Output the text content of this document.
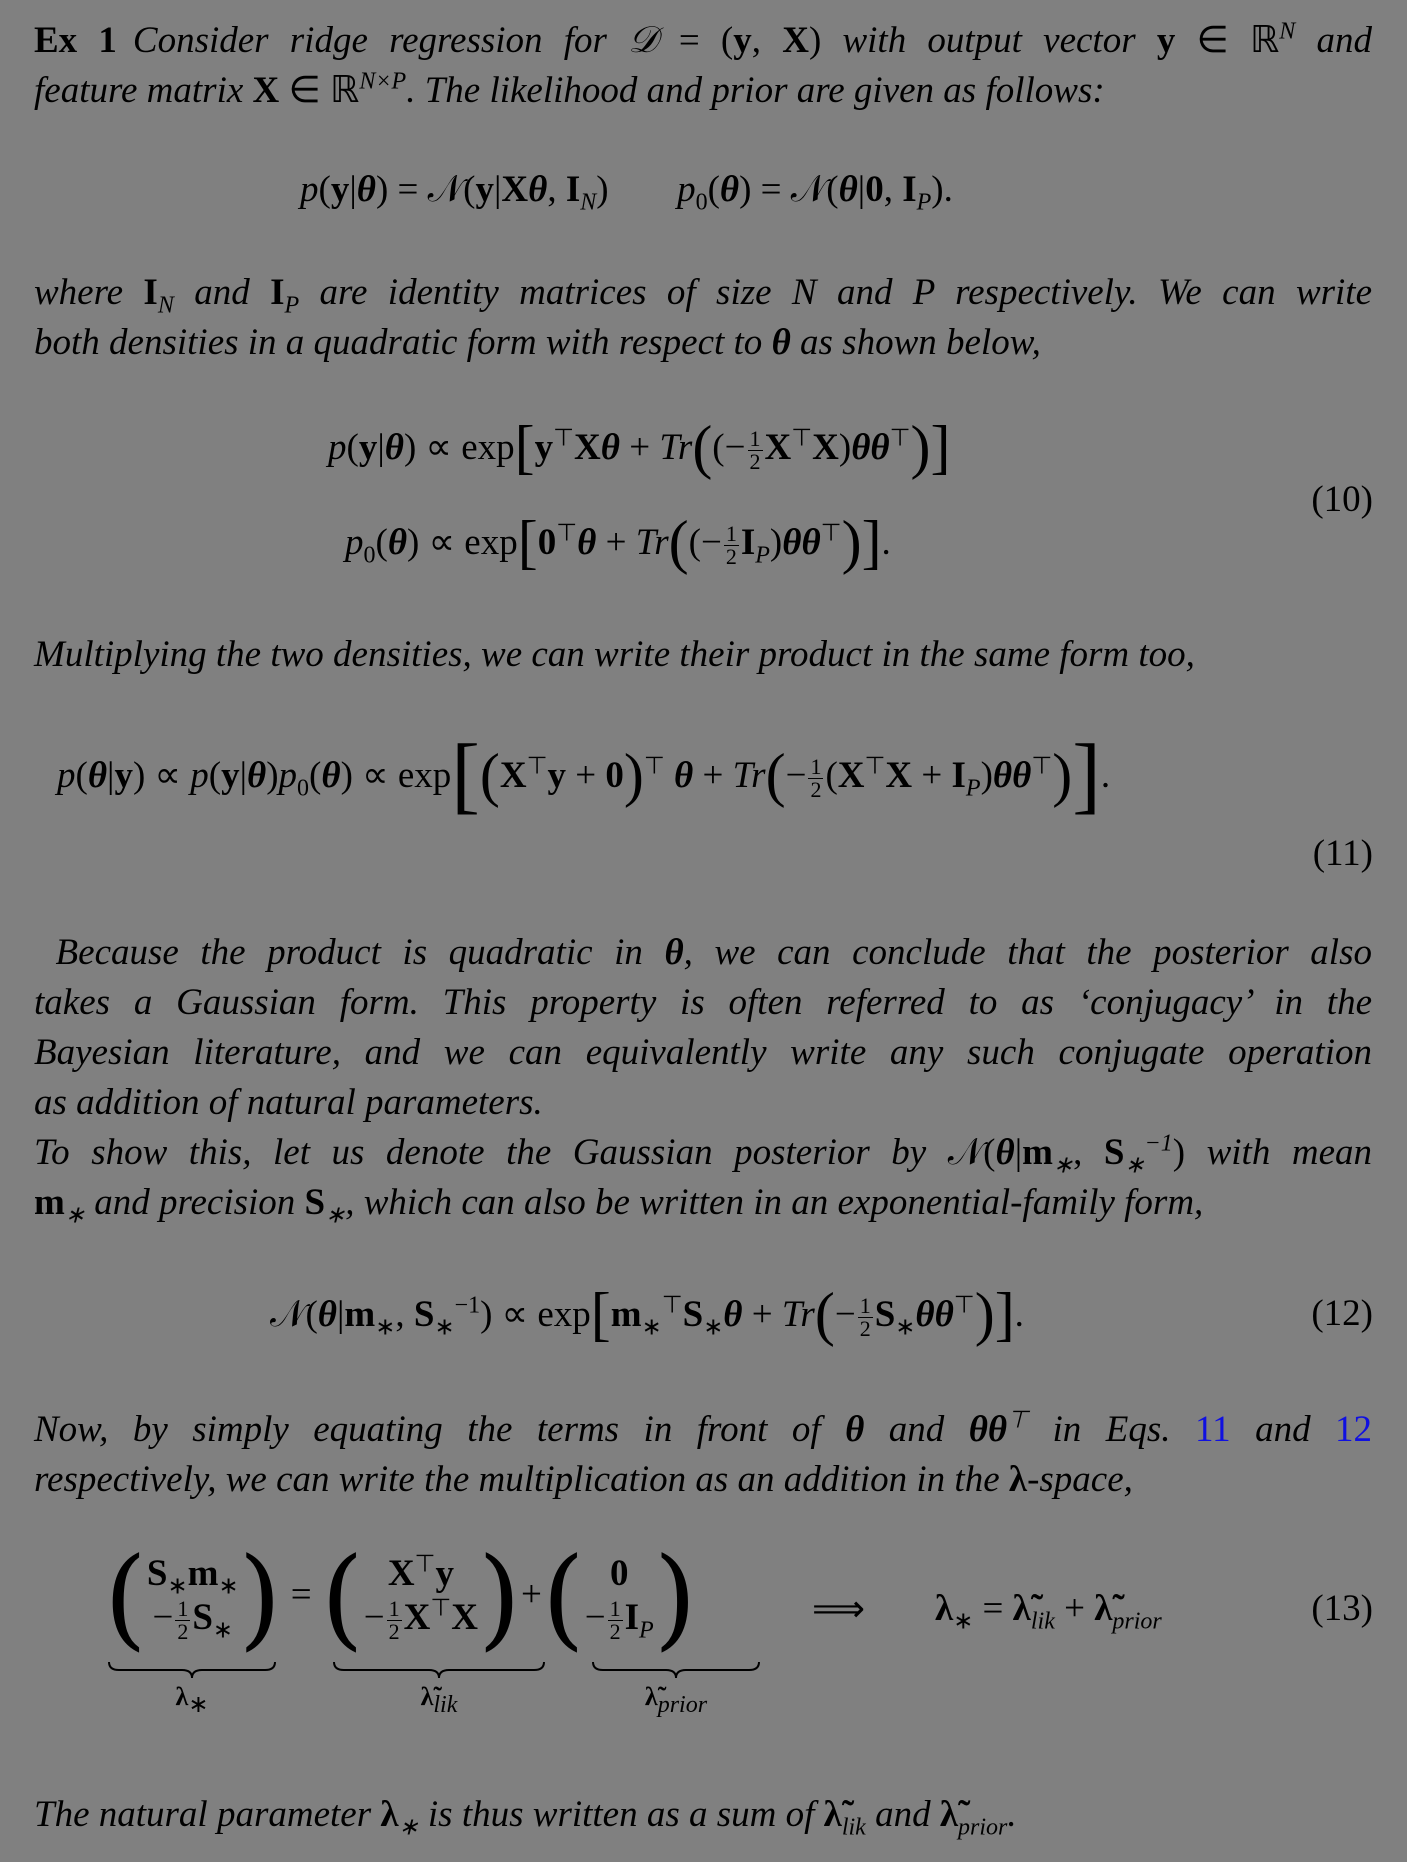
Ex 1 Consider ridge regression for 𝒟 = (y, X) with output vector y ∈ ℝ$^N$ and
feature matrix X ∈ ℝ$^{N\times P}$. The likelihood and prior are given as follows:
p(y|θ) = 𝒩(y|Xθ, $I_N$)  $p_0(\theta)$ = 𝒩(θ|0, $I_P$).
where $I_N$ and $I_P$ are identity matrices of size N and P respectively. We can write
both densities in a quadratic form with respect to θ as shown below,
$p(y|\theta) \propto \exp[y^⊤X\theta + Tr((- \frac{1}{2} X^⊤X)\theta\theta^⊤)]$
$p_0(\theta) \propto \exp[0^⊤\theta + Tr((- \frac{1}{2} I_P)\theta\theta^⊤)]$.
(10)
Multiplying the two densities, we can write their product in the same form too,
$p(\theta|y) \propto p(y|\theta)p_0(\theta) \propto \exp[(X^⊤y + 0)^⊤$ $\theta + Tr(- \frac{1}{2} (X^⊤X + I_P)\theta\theta^⊤)$].
(11)
Because the product is quadratic in θ, we can conclude that the posterior also
takes a Gaussian form. This property is often referred to as ‘conjugacy’ in the
Bayesian literature, and we can equivalently write any such conjugate operation
as addition of natural parameters.
To show this, let us denote the Gaussian posterior by $𝒩(\theta|m_∗$, $S_∗^{-1}$) with mean
$m_∗$ and precision $S_∗$, which can also be written in an exponential-family form,
$𝒩(\theta|m_∗$, $S_∗^{-1}) \propto \exp[m_∗^⊤S_∗\theta + Tr(- \frac{1}{2} S_∗\theta\theta^⊤)]$.	(12)
Now, by simply equating the terms in front of θ and θθ⊤ in Eqs. 11 and 12
respectively, we can write the multiplication as an addition in the λ-space,
($S_∗m_∗$
− $\frac{1}{2} S_∗$) = ( X⊤y
− $\frac{1}{2} X^⊤X)+$( 0
− $\frac{1}{2} I_P$)	⟹ $\lambda_∗$ = $\lambdã_{lik}$ + $\lambdã_{prior}$	(13)
$\lambda_∗$	$\lambdã_{lik}$	$\lambdã_{prior}$
The natural parameter $\lambda_∗$ is thus written as a sum of $\lambdã_{lik}$ and $\lambdã_{prior}$.
